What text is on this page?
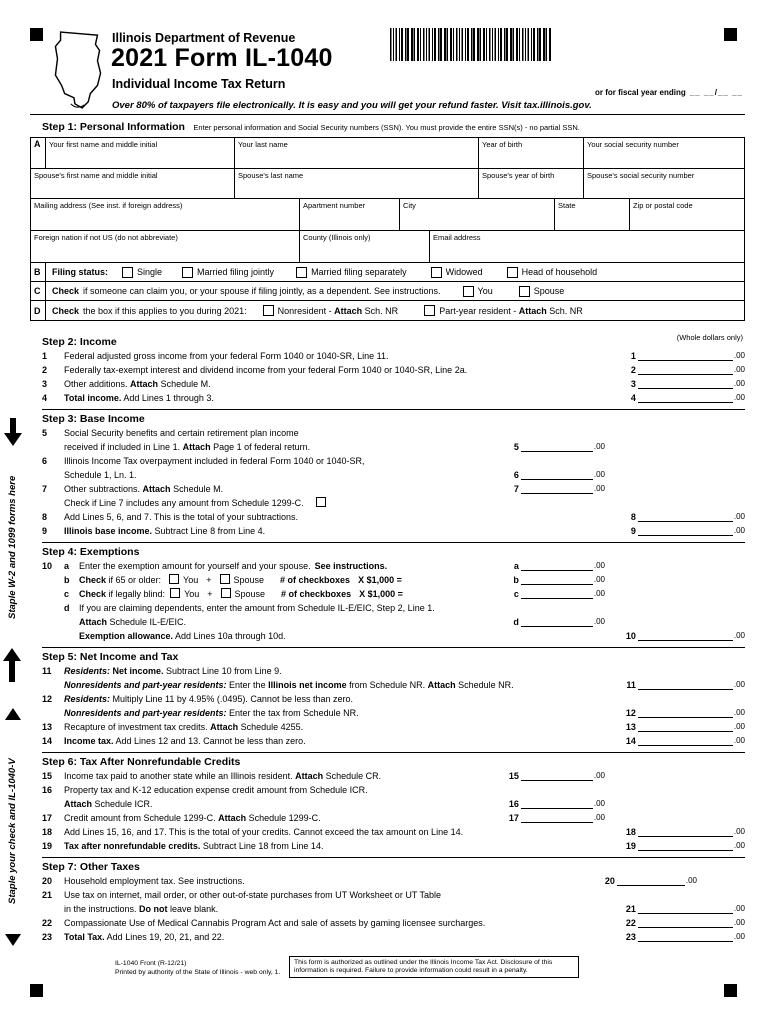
Illinois Department of Revenue
2021 Form IL-1040
Individual Income Tax Return
or for fiscal year ending __ __/__ __
Over 80% of taxpayers file electronically. It is easy and you will get your refund faster. Visit tax.illinois.gov.
Step 1: Personal Information Enter personal information and Social Security numbers (SSN). You must provide the entire SSN(s) - no partial SSN.
A	Your first name and middle initial	Your last name	Year of birth	Your social security number
Spouse's first name and middle initial	Spouse's last name	Spouse's year of birth	Spouse's social security number
Mailing address (See inst. if foreign address)	Apartment number	City	State	Zip or postal code
Foreign nation if not US (do not abbreviate)	County (Illinois only)	Email address
B	Filing status:	Single	Married filing jointly	Married filing separately	Widowed	Head of household
C	Check if someone can claim you, or your spouse if filing jointly, as a dependent. See instructions.	You	Spouse
D	Check the box if this applies to you during 2021:	Nonresident - Attach Sch. NR	Part-year resident - Attach Sch. NR
(Whole dollars only)
Step 2: Income
1 Federal adjusted gross income from your federal Form 1040 or 1040-SR, Line 11.	1	.00
2 Federally tax-exempt interest and dividend income from your federal Form 1040 or 1040-SR, Line 2a.	2	.00
3 Other additions. Attach Schedule M.	3	.00
4 Total income. Add Lines 1 through 3.	4	.00
Step 3: Base Income
5 Social Security benefits and certain retirement plan income
received if included in Line 1. Attach Page 1 of federal return.	5	.00
6 Illinois Income Tax overpayment included in federal Form 1040 or 1040-SR,
Schedule 1, Ln. 1.	6	.00
7 Other subtractions. Attach Schedule M.	7	.00
Check if Line 7 includes any amount from Schedule 1299-C.
8 Add Lines 5, 6, and 7. This is the total of your subtractions.	8	.00
9 Illinois base income. Subtract Line 8 from Line 4.	9	.00
Step 4: Exemptions
10 a Enter the exemption amount for yourself and your spouse. See instructions.	a	.00
b Check if 65 or older: You + Spouse # of checkboxes X $1,000 =	b	.00
c Check if legally blind: You + Spouse # of checkboxes X $1,000 =	c	.00
d If you are claiming dependents, enter the amount from Schedule IL-E/EIC, Step 2, Line 1.
Attach Schedule IL-E/EIC.	d	.00
Exemption allowance. Add Lines 10a through 10d.	10	.00
Step 5: Net Income and Tax
11 Residents: Net income. Subtract Line 10 from Line 9.
Nonresidents and part-year residents: Enter the Illinois net income from Schedule NR. Attach Schedule NR.	11	.00
12 Residents: Multiply Line 11 by 4.95% (.0495). Cannot be less than zero.
Nonresidents and part-year residents: Enter the tax from Schedule NR.	12	.00
13 Recapture of investment tax credits. Attach Schedule 4255.	13	.00
14 Income tax. Add Lines 12 and 13. Cannot be less than zero.	14	.00
Step 6: Tax After Nonrefundable Credits
15 Income tax paid to another state while an Illinois resident. Attach Schedule CR.	15	.00
16 Property tax and K-12 education expense credit amount from Schedule ICR.
Attach Schedule ICR.	16	.00
17 Credit amount from Schedule 1299-C. Attach Schedule 1299-C.	17	.00
18 Add Lines 15, 16, and 17. This is the total of your credits. Cannot exceed the tax amount on Line 14.	18	.00
19 Tax after nonrefundable credits. Subtract Line 18 from Line 14.	19	.00
Step 7: Other Taxes
20 Household employment tax. See instructions.	20	.00
21 Use tax on internet, mail order, or other out-of-state purchases from UT Worksheet or UT Table
in the instructions. Do not leave blank.	21	.00
22 Compassionate Use of Medical Cannabis Program Act and sale of assets by gaming licensee surcharges.	22	.00
23 Total Tax. Add Lines 19, 20, 21, and 22.	23	.00
Staple W-2 and 1099 forms here
Staple your check and IL-1040-V
IL-1040 Front (R-12/21)
Printed by authority of the State of Illinois - web only, 1.
This form is authorized as outlined under the Illinois Income Tax Act. Disclosure of this information is required. Failure to provide information could result in a penalty.
